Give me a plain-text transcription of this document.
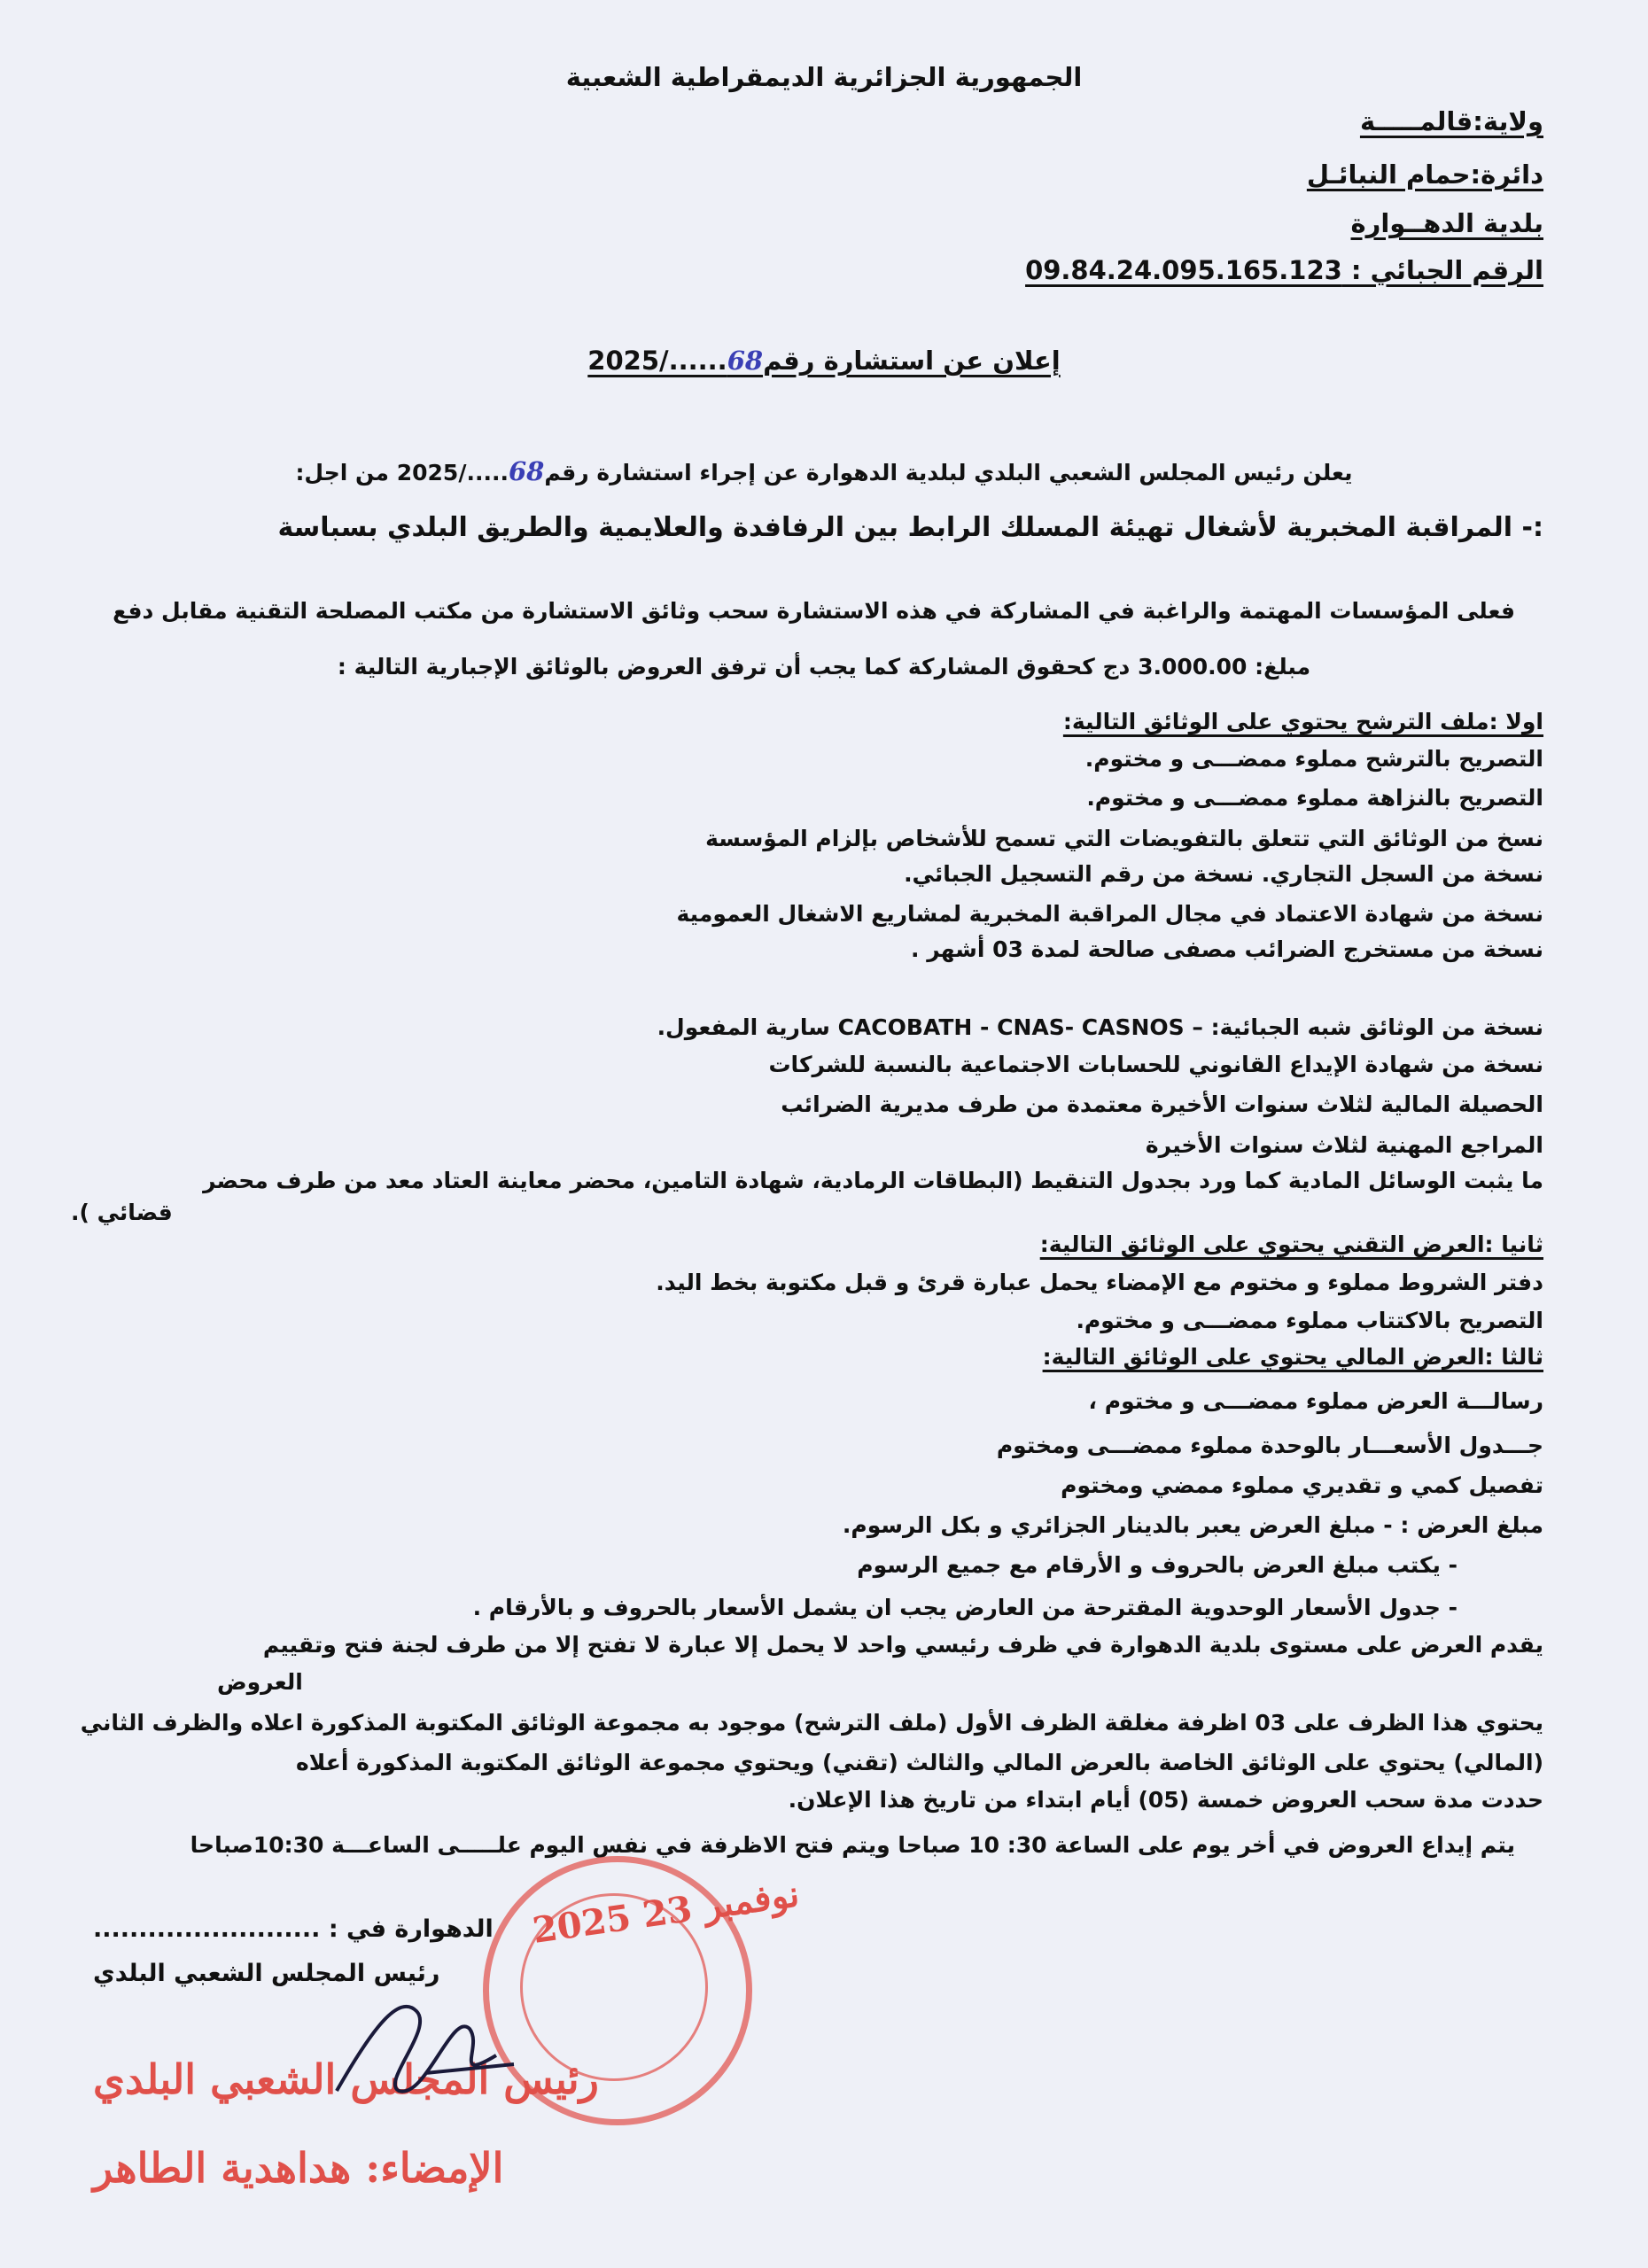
الجمهورية الجزائرية الديمقراطية الشعبية
ولاية:قالمـــــة
دائرة:حمام النبائـل
بلدية الدهــوارة
الرقم الجبائي : 09.84.24.095.165.123
إعلان عن استشارة رقم68....../2025
يعلن رئيس المجلس الشعبي البلدي لبلدية الدهوارة عن إجراء استشارة رقم68...../2025 من اجل:
:- المراقبة المخبرية لأشغال تهيئة المسلك الرابط بين الرفافدة والعلايمية والطريق البلدي بسباسة
فعلى المؤسسات المهتمة والراغبة في المشاركة في هذه الاستشارة سحب وثائق الاستشارة من مكتب المصلحة التقنية مقابل دفع
مبلغ: 3.000.00 دج كحقوق المشاركة كما يجب أن ترفق العروض بالوثائق الإجبارية التالية :
اولا :ملف الترشح يحتوي على الوثائق التالية:
التصريح بالترشح مملوء ممضـــى و مختوم.
التصريح بالنزاهة مملوء ممضـــى و مختوم.
نسخ من الوثائق التي تتعلق بالتفويضات التي تسمح للأشخاص بإلزام المؤسسة
نسخة من السجل التجاري. نسخة من رقم التسجيل الجبائي.
نسخة من شهادة الاعتماد في مجال المراقبة المخبرية لمشاريع الاشغال العمومية
نسخة من مستخرج الضرائب مصفى صالحة لمدة 03 أشهر .
نسخة من الوثائق شبه الجبائية: – CACOBATH - CNAS- CASNOS سارية المفعول.
نسخة من شهادة الإيداع القانوني للحسابات الاجتماعية بالنسبة للشركات
الحصيلة المالية لثلاث سنوات الأخيرة معتمدة من طرف مديرية الضرائب
المراجع المهنية لثلاث سنوات الأخيرة
ما يثبت الوسائل المادية كما ورد بجدول التنقيط (البطاقات الرمادية، شهادة التامين، محضر معاينة العتاد معد من طرف محضر
قضائي ).
ثانيا :العرض التقني يحتوي على الوثائق التالية:
دفتر الشروط مملوء و مختوم مع الإمضاء يحمل عبارة قرئ و قبل مكتوبة بخط اليد.
التصريح بالاكتتاب مملوء ممضـــى و مختوم.
ثالثا :العرض المالي يحتوي على الوثائق التالية:
رسالـــة العرض مملوء ممضـــى و مختوم ،
جـــدول الأسعـــار بالوحدة مملوء ممضـــى ومختوم
تفصيل كمي و تقديري مملوء ممضي ومختوم
مبلغ العرض : - مبلغ العرض يعبر بالدينار الجزائري و بكل الرسوم.
- يكتب مبلغ العرض بالحروف و الأرقام مع جميع الرسوم
- جدول الأسعار الوحدوية المقترحة من العارض يجب ان يشمل الأسعار بالحروف و بالأرقام .
يقدم العرض على مستوى بلدية الدهوارة في ظرف رئيسي واحد لا يحمل إلا عبارة لا تفتح إلا من طرف لجنة فتح وتقييم
العروض
يحتوي هذا الظرف على 03 اظرفة مغلقة الظرف الأول (ملف الترشح) موجود به مجموعة الوثائق المكتوبة المذكورة اعلاه والظرف الثاني
(المالي) يحتوي على الوثائق الخاصة بالعرض المالي والثالث (تقني) ويحتوي مجموعة الوثائق المكتوبة المذكورة أعلاه
حددت مدة سحب العروض خمسة (05) أيام ابتداء من تاريخ هذا الإعلان.
يتم إيداع العروض في أخر يوم على الساعة 30: 10 صباحا ويتم فتح الاظرفة في نفس اليوم علـــــى الساعـــة 10:30صباحا
الدهوارة في : .........................
رئيس المجلس الشعبي البلدي
2025 نوفمبر 23
رئيس المجلس الشعبي البلدي
الإمضاء: هداهدية الطاهر
